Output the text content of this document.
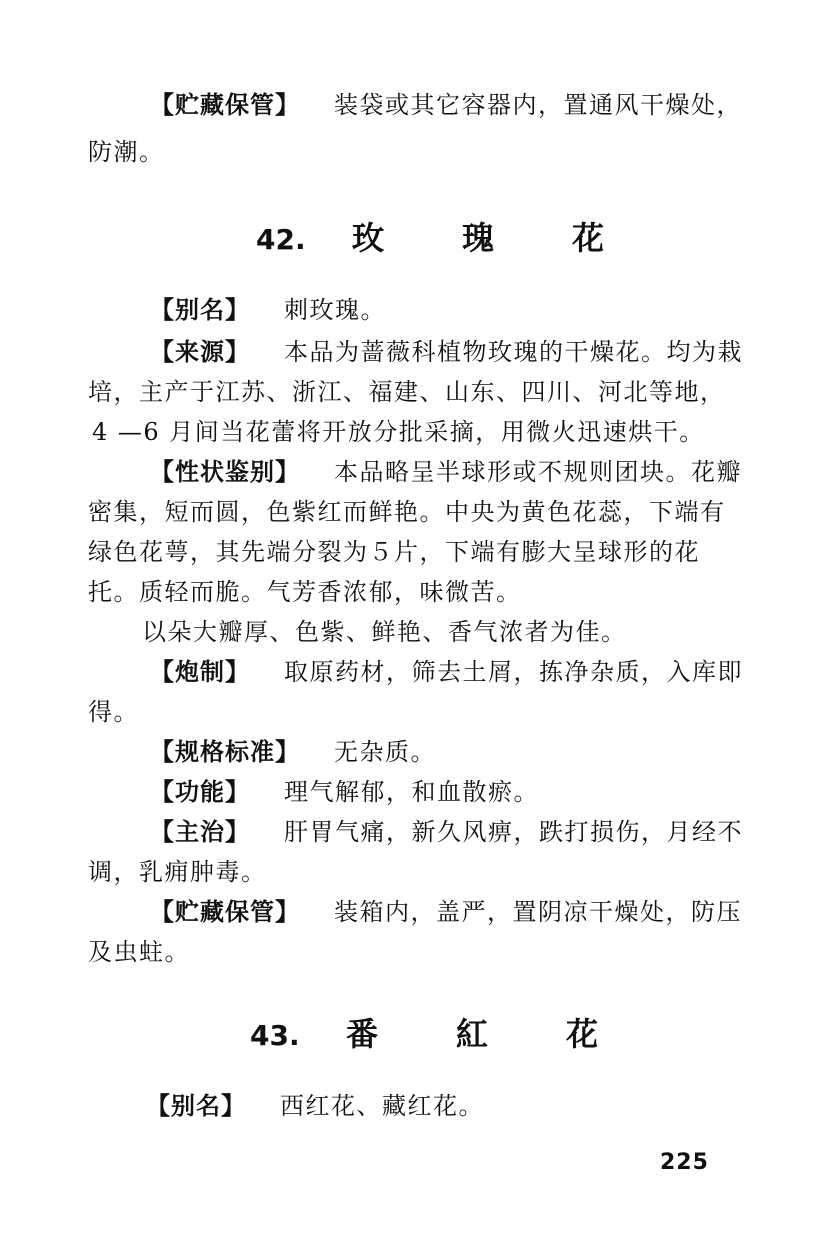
【贮藏保管】 装袋或其它容器内，置通风干燥处，
防潮。
42. 玫 瑰 花
【别名】 刺玫瑰。
【来源】 本品为蔷薇科植物玫瑰的干燥花。均为栽
培，主产于江苏、浙江、福建、山东、四川、河北等地，
4 —6 月间当花蕾将开放分批采摘，用微火迅速烘干。
【性状鉴别】 本品略呈半球形或不规则团块。花瓣
密集，短而圆，色紫红而鲜艳。中央为黄色花蕊，下端有
绿色花萼，其先端分裂为５片，下端有膨大呈球形的花
托。质轻而脆。气芳香浓郁，味微苦。
以朵大瓣厚、色紫、鲜艳、香气浓者为佳。
【炮制】 取原药材，筛去土屑，拣净杂质，入库即
得。
【规格标准】 无杂质。
【功能】 理气解郁，和血散瘀。
【主治】 肝胃气痛，新久风痹，跌打损伤，月经不
调，乳痈肿毒。
【贮藏保管】 装箱内，盖严，置阴凉干燥处，防压
及虫蛀。
43. 番 紅 花
【别名】 西红花、藏红花。
225
